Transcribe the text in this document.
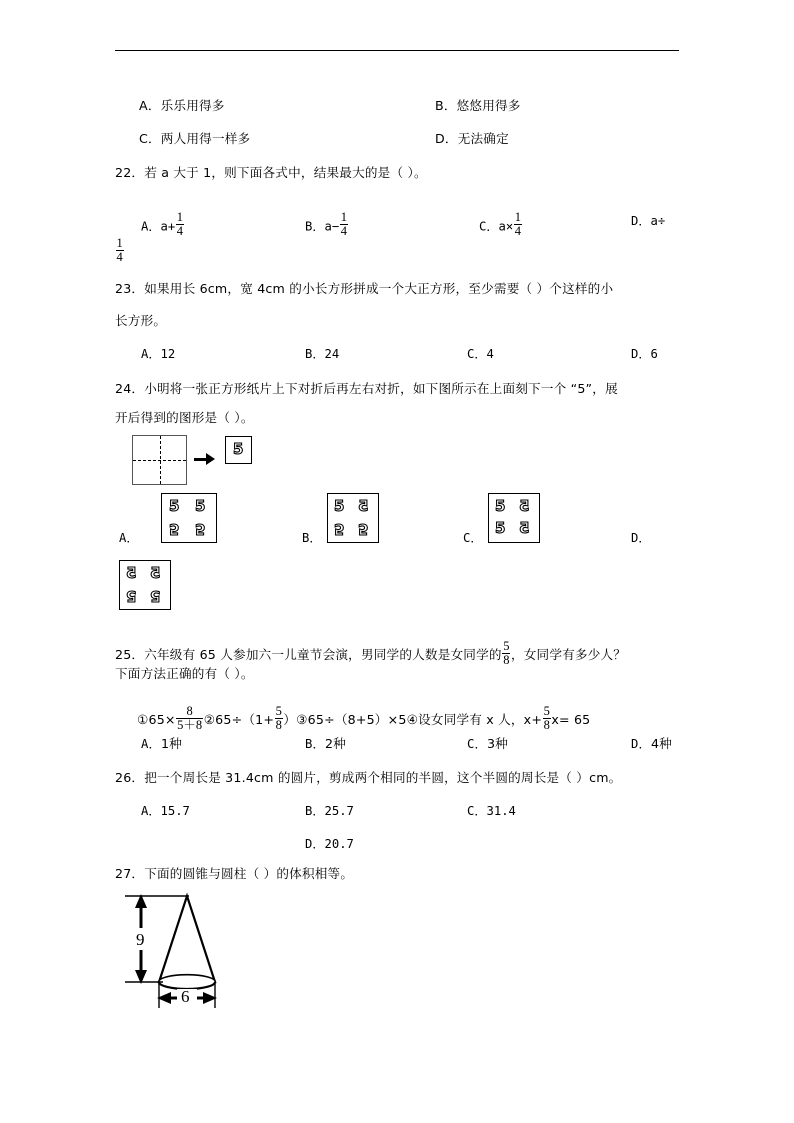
A．乐乐用得多	B．悠悠用得多
C．两人用得一样多	D．无法确定
22．若 a 大于 1，则下面各式中，结果最大的是（ ）。
A．$a+ \frac{1}{4}$	B．$a- \frac{1}{4}$	C．$a\times \frac{1}{4}$	D．a÷
$\frac{1}{4}$
23．如果用长 6cm，宽 4cm 的小长方形拼成一个大正方形，至少需要（ ）个这样的小
长方形。
A．12	B．24	C．4	D．6
24．小明将一张正方形纸片上下对折后再左右对折，如下图所示在上面刻下一个 “5”，展
开后得到的图形是（ ）。
5
A．
5 5
5 5	B．
5 5
5 5	C．
5 5
5 5
D．
5 5
5 5
25．六年级有 65 人参加六一儿童节会演，男同学的人数是女同学的 $\frac{5}{8}$ ，女同学有多少人？
下面方法正确的有（ ）。
①65× $\frac{8}{5+8}$ ②65÷（1+ $\frac{5}{8}$ ）③65÷（8+5）×5④设女同学有 x 人，$x+ \frac{5}{8} x= 65$
A．1种	B．2种	C．3种	D．4种
26．把一个周长是 31.4cm 的圆片，剪成两个相同的半圆，这个半圆的周长是（ ）cm。
A．15.7	B．25.7	C．31.4
D．20.7
27．下面的圆锥与圆柱（ ）的体积相等。
9
6
